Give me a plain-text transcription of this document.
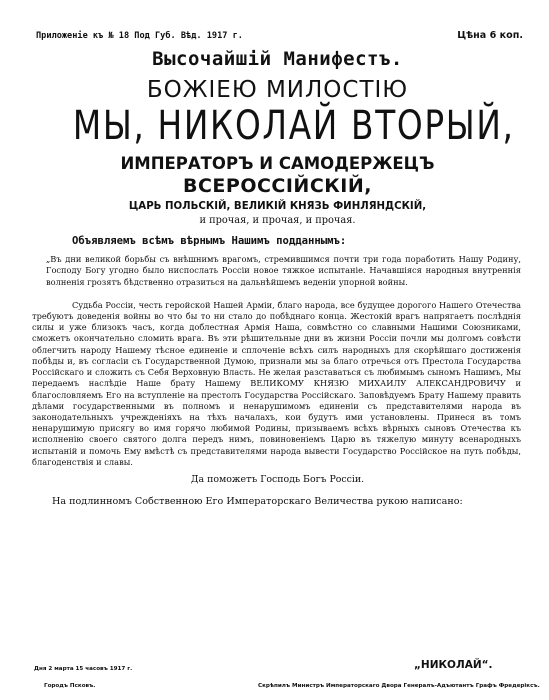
Приложенiе къ № 18 Под Губ. Вѣд. 1917 г.	Цѣна 6 коп.
Высочайшiй Манифестъ.
БОЖIЕЮ МИЛОСТIЮ
МЫ, НИКОЛАЙ ВТОРЫЙ,
ИМПЕРАТОРЪ И САМОДЕРЖЕЦЪ
ВСЕРОССIЙСКIЙ,
ЦАРЬ ПОЛЬСКIЙ, ВЕЛИКIЙ КНЯЗЬ ФИНЛЯНДСКIЙ,
и прочая, и прочая, и прочая.
Объявляемъ всѣмъ вѣрнымъ Нашимъ подданнымъ:

„Въ дни великой борьбы съ внѣшнимъ врагомъ, стремившимся почти три года поработить Нашу Родину, Господу Богу угодно было ниспослать Россiи новое тяжкое испытанiе. Начавшiяся народныя внутреннiя волненiя грозятъ бѣдственно отразиться на дальнѣйшемъ веденiи упорной войны.

Судьба Россiи, честь геройской Нашей Армiи, благо народа, все будущее дорогого Нашего Отечества требуютъ доведенiя войны во что бы то ни стало до побѣднаго конца. Жестокiй врагъ напрягаетъ послѣднiя силы и уже близокъ часъ, когда доблестная Армiя Наша, совмѣстно со славными Нашими Союзниками, сможетъ окончательно сломить врага. Въ эти рѣшительные дни въ жизни Россiи почли мы долгомъ совѣсти облегчить народу Нашему тѣсное единенiе и сплоченiе всѣхъ силъ народныхъ для скорѣйшаго достиженiя побѣды и, въ согласiи съ Государственной Думою, признали мы за благо отречься отъ Престола Государства Россiйскаго и сложить съ Себя Верховную Власть. Не желая разставаться съ любимымъ сыномъ Нашимъ, Мы передаемъ наслѣдiе Наше брату Нашему ВЕЛИКОМУ КНЯЗЮ МИХАИЛУ АЛЕКСАНДРОВИЧУ и благословляемъ Его на вступленiе на престолъ Государства Россiйскаго. Заповѣдуемъ Брату Нашему править дѣлами государственными въ полномъ и ненарушимомъ единенiи съ представителями народа въ законодательныхъ учрежденiяхъ на тѣхъ началахъ, кои будутъ ими установлены. Принеся въ томъ ненарушимую присягу во имя горячо любимой Родины, призываемъ всѣхъ вѣрныхъ сыновъ Отечества къ исполненiю своего святого долга передъ нимъ, повиновенiемъ Царю въ тяжелую минуту всенародныхъ испытанiй и помочь Ему вмѣстѣ съ представителями народа вывести Государство Россiйское на путь побѣды, благоденствiя и славы.

Да поможетъ Господь Богъ Россiи.
На подлинномъ Собственною Его Императорскаго Величества рукою написано:
„НИКОЛАЙ“.
Дня 2 марта 15 часовъ 1917 г.
Городъ Псковъ.	Скрѣпилъ Министръ Императорскаго Двора Генералъ-Адъютантъ Графъ Фредерiксъ.
